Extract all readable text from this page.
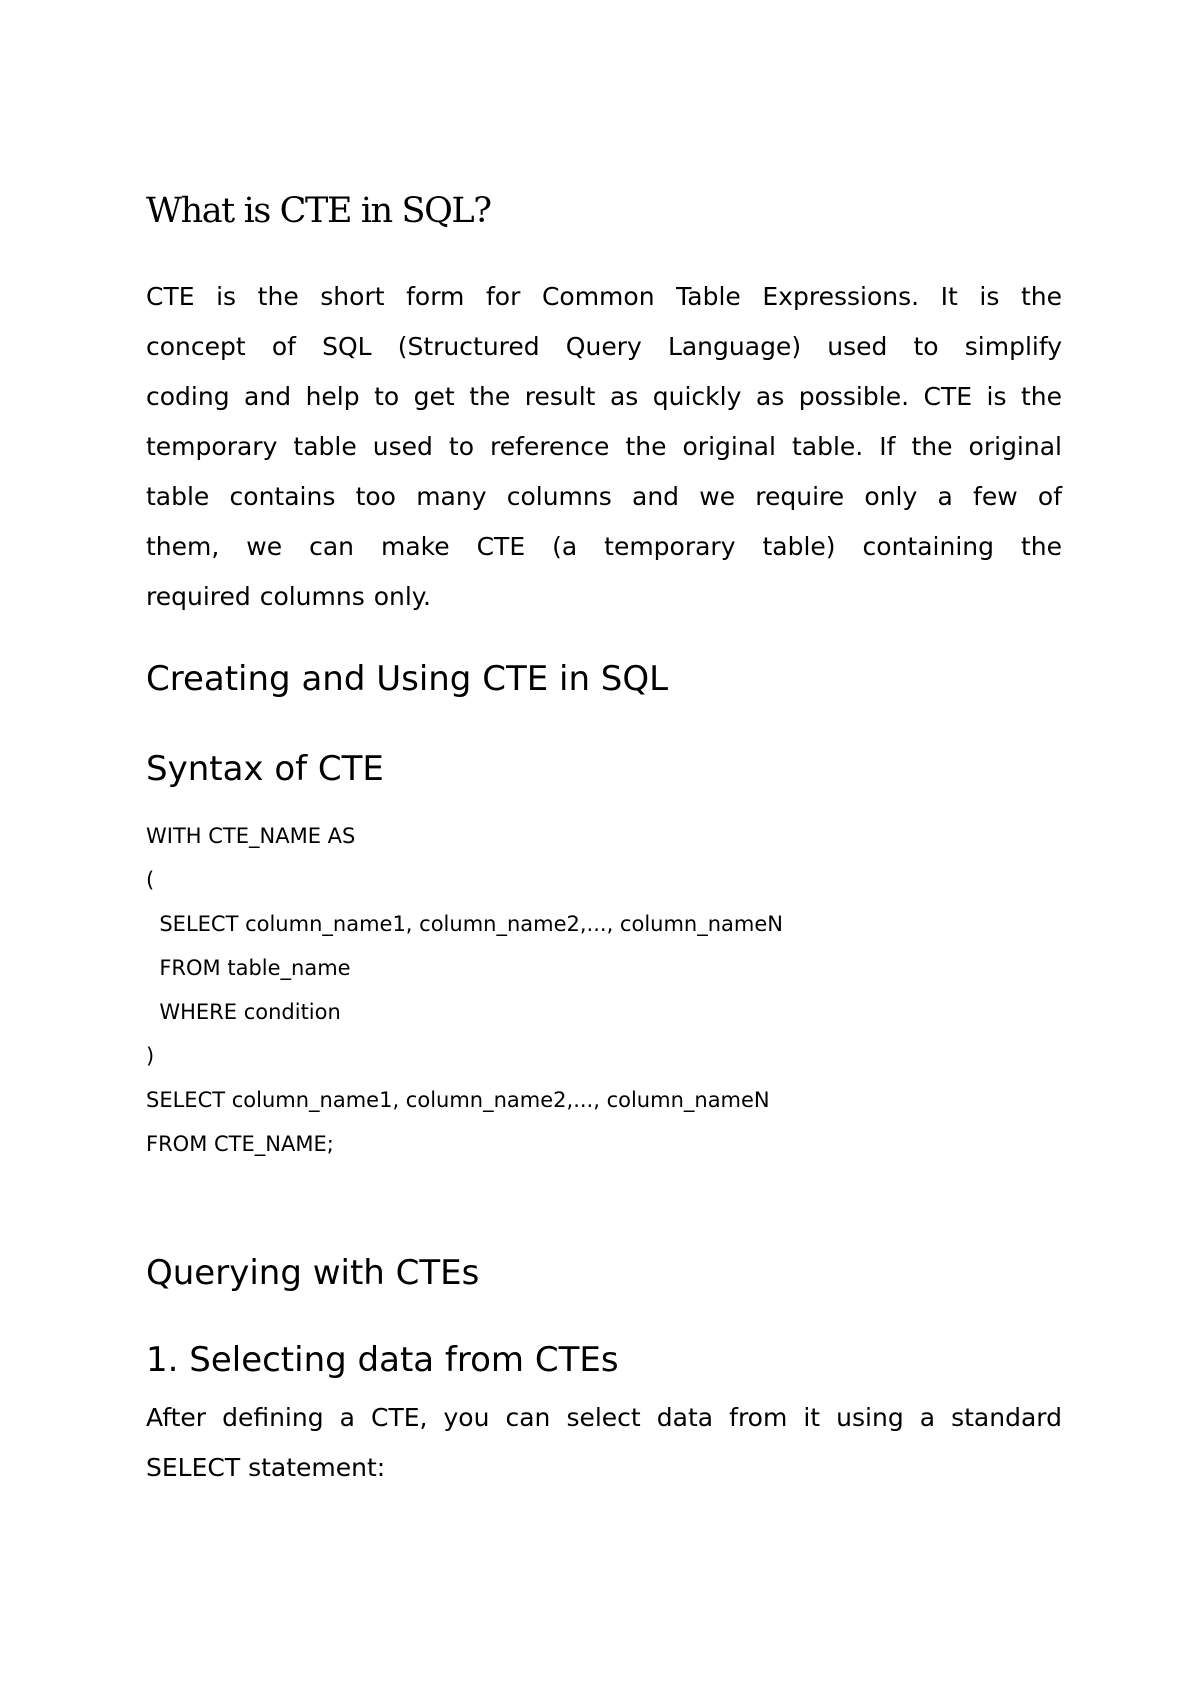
What is CTE in SQL?

CTE is the short form for Common Table Expressions. It is the
concept of SQL (Structured Query Language) used to simplify
coding and help to get the result as quickly as possible. CTE is the
temporary table used to reference the original table. If the original
table contains too many columns and we require only a few of
them, we can make CTE (a temporary table) containing the
required columns only.

Creating and Using CTE in SQL
Syntax of CTE
WITH CTE_NAME AS
(
SELECT column_name1, column_name2,..., column_nameN
FROM table_name
WHERE condition
)
SELECT column_name1, column_name2,..., column_nameN
FROM CTE_NAME;
Querying with CTEs
1. Selecting data from CTEs

After defining a CTE, you can select data from it using a standard
SELECT statement:
